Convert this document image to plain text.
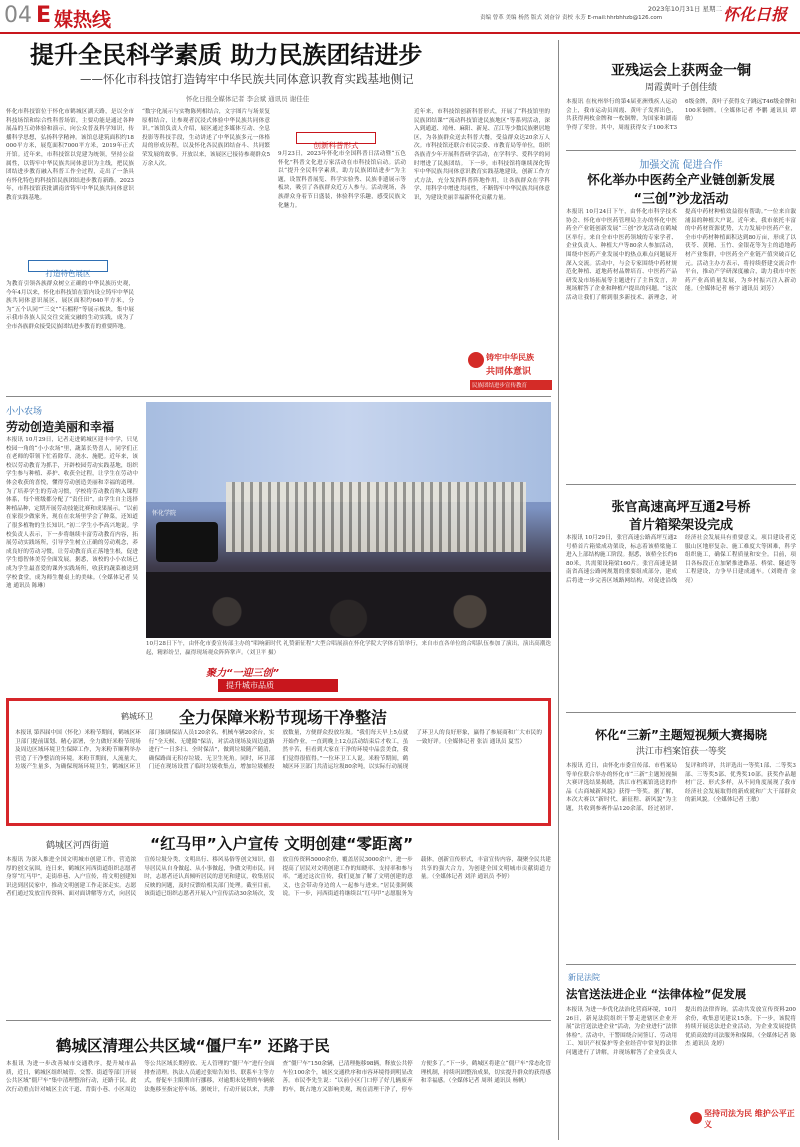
04 E 媒热线	责编 曾革 美编 杨然 版式 刘奋谷 责校 永芳 E-mail:hhrbhhzb@126.com
2023年10月31日 星期二 怀化日报
提升全民科学素质 助力民族团结进步
——怀化市科技馆打造铸牢中华民族共同体意识教育实践基地侧记
怀化日报全媒体记者 李会斌 通讯员 谢佳佳
怀化市科技馆位于怀化市鹤城区湖天路，是以全市科技场馆和综合性科普场馆，主要功能是通过各种展品的互动体验和演示，向公众普及科学知识，传播科学思想，弘扬科学精神。该馆总建筑面积约18000平方米，展览面积7000平方米，2019年正式开馆。近年来，市科技馆以党建为统领，坚持公益属性，以铸牢中华民族共同体意识为主线，把民族团结进步教育融入科普工作全过程，走出了一条具有怀化特色的科技馆民族团结进步教育新路。2023年，市科技馆获批湖南省铸牢中华民族共同体意识教育实践基地。
打造特色展区
为教育引领各族群众树立正确的中华民族历史观，今年4月以来，怀化市科技馆在馆内设立铸牢中华民族共同体意识展区，展区面积约640平方米，分为“五个认同”“三交”“石榴籽”等展示板块，集中展示我市各族人民交往交流交融的生动实践，成为了全市各族群众接受民族团结进步教育的重要阵地。
“数字化展示与实物陈列相结合，文字图片与场景复原相结合，让参观者沉浸式体验中华民族共同体意识。”该馆负责人介绍，展区通过多媒体互动、全息投影等科技手段，生动讲述了中华民族多元一体格局的形成历程，以及怀化各民族团结奋斗、共同繁荣发展的故事。开放以来，该展区已接待参观群众5万余人次。
创新科普形式
9月23日，2023年怀化市全国科普日活动暨“五色怀化”科普文化进万家活动在市科技馆启动。活动以“提升全民科学素质，助力民族团结进步”为主题，设置科普展览、科学实验秀、民族非遗展示等板块，吸引了各族群众近万人参与。活动现场，各族群众身着节日盛装，体验科学乐趣，感受民族文化魅力。
近年来，市科技馆创新科普形式，开展了“科技馆里的民族团结课”“流动科技馆进民族地区”等系列活动，深入到通道、靖州、麻阳、新晃、芷江等少数民族聚居地区，为各族群众送去科普大餐，受益群众达20余万人次。市科技馆还联合市民宗委、市教育局等单位，组织各族青少年开展科普研学活动，在学科学、爱科学的同时增进了民族团结。 下一步，市科技馆将继续深化铸牢中华民族共同体意识教育实践基地建设，创新工作方式方法，充分发挥科普阵地作用，让各族群众在学科学、用科学中增进共同性，不断铸牢中华民族共同体意识，为建设美丽幸福新怀化贡献力量。
铸牢中华民族
共同体意识
民族团结进步宣传教育
亚残运会上获两金一铜
周霞黄叶子创佳绩
本报讯 在杭州举行的第4届亚洲残疾人运动会上，我市运动员周霞、黄叶子发挥出色，共获得两枚金牌和一枚铜牌，为国家和湖南争得了荣誉。其中，周霞获得女子100米T36级金牌，黄叶子获得女子跳远T46级金牌和100米铜牌。（全媒体记者 李鹏 通讯员 谭敏）
加强交流 促进合作
怀化举办中医药全产业链创新发展
“三创”沙龙活动
本报讯 10月24日下午，由怀化市科学技术协会、怀化市中医药管理局主办的怀化中医药全产业链创新发展“三创”沙龙活动在鹤城区举行。来自全市中医药领域的专家学者、企业负责人、种植大户等80余人参加活动，围绕中医药产业发展中的热点难点问题展开深入交流。活动中，与会专家围绕中药材规范化种植、道地药材品牌培育、中医药产品研发及市场拓展等主题进行了主旨发言，并现场解答了企业和种植户提出的问题。“这次活动让我们了解到很多新技术、新理念，对提高中药材种植效益很有帮助。”一位来自溆浦县的种植大户说。近年来，我市依托丰富的中药材资源优势，大力发展中医药产业，全市中药材种植面积达到80万亩，形成了以茯苓、黄精、玉竹、金银花等为主的道地药材产业集群，中医药全产业链产值突破百亿元。活动主办方表示，将持续搭建交流合作平台，推动产学研深度融合，助力我市中医药产业高质量发展，为乡村振兴注入新动能。（全媒体记者 杨宇 通讯员 刘芳）
张官高速高坪互通2号桥
首片箱梁架设完成
本报讯 10月29日，张官高速公路高坪互通2号桥首片箱梁成功架设，标志着该桥梁施工进入上部结构施工阶段。据悉，该桥全长约680米，共需架设箱梁160片。张官高速是湖南省高速公路网规划的重要组成部分，建成后将进一步完善区域路网结构，对促进沿线经济社会发展具有重要意义。项目建设者克服山区地形复杂、施工难度大等困难，科学组织施工，确保工程质量和安全。目前，项目各标段正在加紧推进路基、桥梁、隧道等工程建设，力争早日建成通车。（刘晓青 金亮）
怀化“三新”主题短视频大赛揭晓
洪江市档案馆获一等奖
本报讯 近日，由怀化市委宣传部、市档案局等单位联合举办的怀化市“三新”主题短视频大赛评选结果揭晓，洪江市档案馆选送的作品《古商城新风貌》获得一等奖。据了解，本次大赛以“新时代、新征程、新风貌”为主题，共收到参赛作品120余部，经过初评、复评和终评，共评选出一等奖1部、二等奖3部、三等奖5部、优秀奖10部。获奖作品题材广泛、形式多样，从不同角度展现了我市经济社会发展取得的新成就和广大干部群众的新风貌。（全媒体记者 王敏）
新昆法院
法官送法进企业 “法律体检”促发展
本报讯 为进一步优化法治化营商环境，10月26日，新晃法院组织干警走进辖区企业开展“法官送法进企业”活动，为企业进行“法律体检”。活动中，干警围绕合同签订、劳动用工、知识产权保护等企业经营中常见的法律问题进行了讲解，并现场解答了企业负责人提出的法律咨询。活动共发放宣传资料200余份，收集意见建议15条。下一步，该院将持续开展送法进企业活动，为企业发展提供优质高效的司法服务和保障。（全媒体记者 陈杰 通讯员 龙婷）
坚持司法为民 维护公平正义
小小农场
劳动创造美丽和幸福
本报讯 10月29日，记者走进鹤城区迎丰中学，只见校园一角的“小小农场”里，蔬菜长势喜人，同学们正在老师的带领下忙着除草、浇水、施肥。近年来，该校以劳动教育为抓手，开辟校园劳动实践基地，组织学生参与种植、养护、收获全过程，让学生在劳动中体会收获的喜悦，懂得劳动创造美丽和幸福的道理。为了培养学生的劳动习惯，学校将劳动教育纳入课程体系，每个班级都分配了“责任田”，由学生自主选择种植品种，定期开展劳动技能比赛和成果展示。“以前在家很少做家务，现在在农场里学会了种菜，还知道了很多植物的生长知识。”初二学生小李高兴地说。学校负责人表示，下一步将继续丰富劳动教育内容，拓展劳动实践场所，引导学生树立正确的劳动观念，养成良好的劳动习惯，让劳动教育真正落地生根，促进学生德智体美劳全面发展。据悉，该校的小小农场已成为学生最喜爱的课外实践场所，收获的蔬菜被送到学校食堂，成为师生餐桌上的美味。（全媒体记者 吴迪 通讯员 陈琳）
怀化学院
10月28日下午，由怀化市委宣传部主办的“唱响新时代 礼赞新征程”大型合唱展演在怀化学院大学体育馆举行，来自市直各单位的合唱队伍参加了演出，演出高潮迭起，精彩纷呈，赢得现场观众阵阵掌声。（刘卫平 摄）
聚力“一迎三创”
提升城市品质
鹤城环卫	全力保障米粉节现场干净整洁
本报讯 第四届中国（怀化）米粉节期间，鹤城区环卫部门提前谋划、精心部署，全力做好米粉节现场及周边区域环境卫生保障工作，为米粉节顺利举办营造了干净整洁的环境。米粉节期间，人流量大，垃圾产生量多，为确保现场环境卫生，鹤城区环卫部门抽调保洁人员120余名、机械车辆20余台，实行“全天候、无缝隙”保洁，对活动现场及周边道路进行“一日多扫、全时保洁”，做到垃圾随产随清，确保路面无积存垃圾、无卫生死角。同时，环卫部门还在现场设置了临时垃圾收集点，增加垃圾桶投放数量，方便群众投放垃圾。“我们每天早上5点就开始作业，一直到晚上12点活动结束后才收工，虽然辛苦，但看到大家在干净的环境中品尝美食，我们觉得很值得。”一位环卫工人说。米粉节期间，鹤城区环卫部门共清运垃圾80余吨，以实际行动展现了环卫人的良好形象，赢得了参展商和广大市民的一致好评。（全媒体记者 张洁 通讯员 夏雪）
鹤城区河西街道	“红马甲”入户宣传 文明创建“零距离”
本报讯 为深入推进全国文明城市创建工作，营造浓厚的创文氛围，连日来，鹤城区河西街道组织志愿者身穿“红马甲”，走街串巷、入户宣传，将文明创建知识送到居民家中，推动文明创建工作走深走实。志愿者们通过发放宣传资料、面对面讲解等方式，向居民宣传垃圾分类、文明出行、移风易俗等创文知识，倡导居民从自身做起、从小事做起，争做文明市民。同时，志愿者还认真倾听居民的意见和建议，收集居民反映的问题，及时反馈给相关部门处理。截至目前，该街道已组织志愿者开展入户宣传活动30余场次，发放宣传资料5000余份，覆盖居民3000余户，进一步提高了居民对文明创建工作的知晓率、支持率和参与率。“通过这次宣传，我们更加了解了文明创建的意义，也会带动身边的人一起参与进来。”居民张阿姨说。下一步，河西街道将继续以“红马甲”志愿服务为载体，创新宣传形式，丰富宣传内容，凝聚全民共建共享的强大合力，为创建全国文明城市贡献街道力量。（全媒体记者 刘洋 通讯员 李婷）
鹤城区清理公共区域“僵尸车” 还路于民
本报讯 为进一步改善城市交通秩序，提升城市品质，近日，鹤城区组织城管、交警、街道等部门开展公共区域“僵尸车”集中清理整治行动，还路于民。此次行动重点针对城区主次干道、背街小巷、小区周边等公共区域长期停放、无人管理的“僵尸车”进行全面排查清理。执法人员通过张贴告知书、联系车主等方式，督促车主限期自行挪移，对逾期未处理的车辆依法拖移至指定停车场。据统计，行动开展以来，共排查“僵尸车”150余辆，已清理拖移98辆，释放公共停车位100余个，城区交通秩序和市容环境得到明显改善。市民李先生说：“以前小区门口停了好几辆废弃的车，既占地方又影响美观，现在清理干净了，停车方便多了。”下一步，鹤城区将建立“僵尸车”常态化管理机制，持续巩固整治成果，切实提升群众的获得感和幸福感。（全媒体记者 周琪 通讯员 杨帆）
